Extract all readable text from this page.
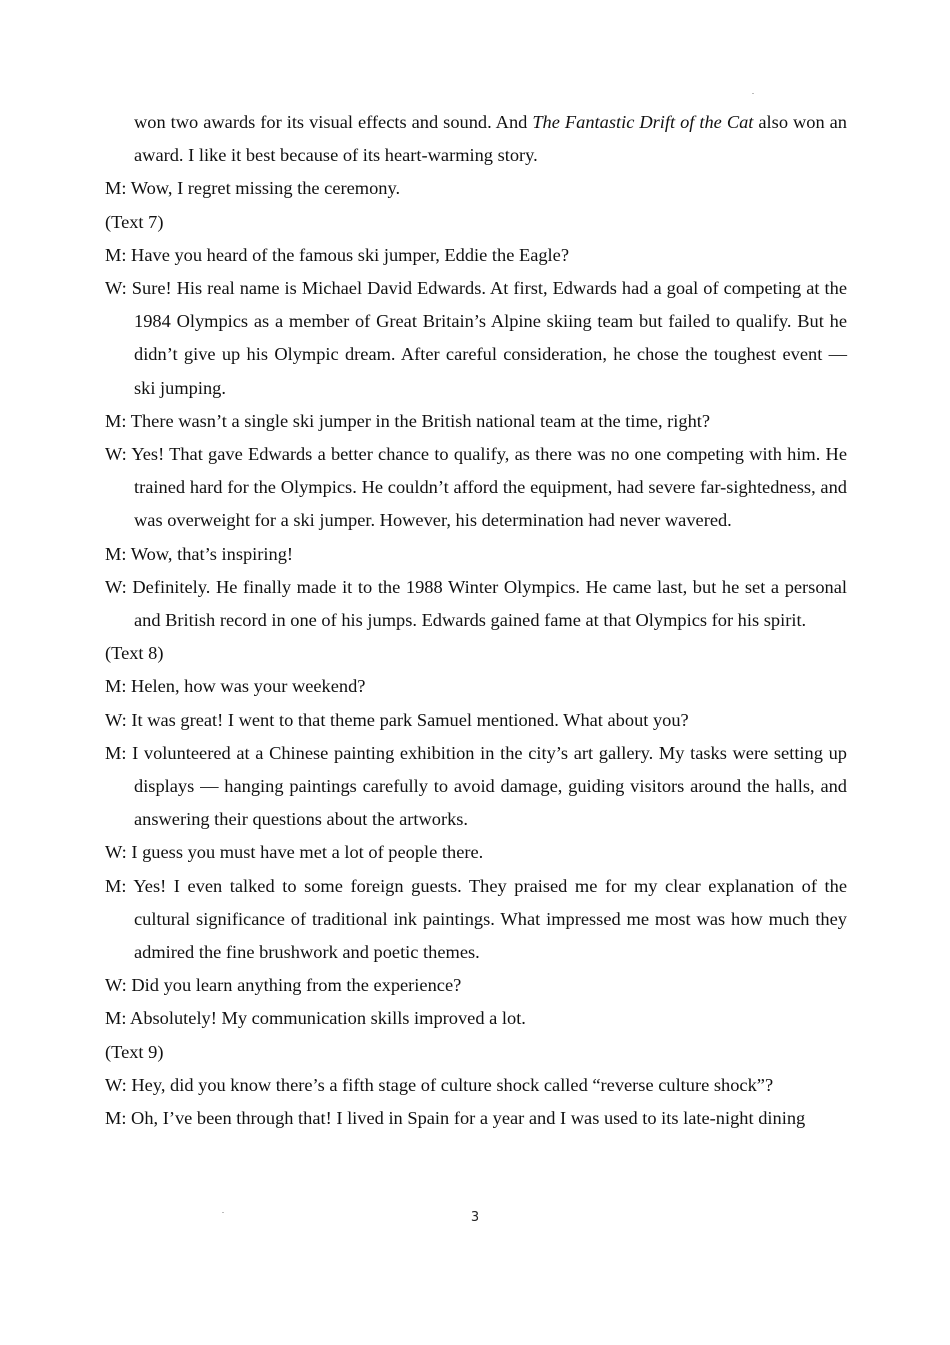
won two awards for its visual effects and sound. And The Fantastic Drift of the Cat also won an award. I like it best because of its heart-warming story.

M: Wow, I regret missing the ceremony.

(Text 7)

M: Have you heard of the famous ski jumper, Eddie the Eagle?

W: Sure! His real name is Michael David Edwards. At first, Edwards had a goal of competing at the 1984 Olympics as a member of Great Britain’s Alpine skiing team but failed to qualify. But he didn’t give up his Olympic dream. After careful consideration, he chose the toughest event — ski jumping.

M: There wasn’t a single ski jumper in the British national team at the time, right?

W: Yes! That gave Edwards a better chance to qualify, as there was no one competing with him. He trained hard for the Olympics. He couldn’t afford the equipment, had severe far-sightedness, and was overweight for a ski jumper. However, his determination had never wavered.

M: Wow, that’s inspiring!

W: Definitely. He finally made it to the 1988 Winter Olympics. He came last, but he set a personal and British record in one of his jumps. Edwards gained fame at that Olympics for his spirit.

(Text 8)

M: Helen, how was your weekend?

W: It was great! I went to that theme park Samuel mentioned. What about you?

M: I volunteered at a Chinese painting exhibition in the city’s art gallery. My tasks were setting up displays — hanging paintings carefully to avoid damage, guiding visitors around the halls, and answering their questions about the artworks.

W: I guess you must have met a lot of people there.

M: Yes! I even talked to some foreign guests. They praised me for my clear explanation of the cultural significance of traditional ink paintings. What impressed me most was how much they admired the fine brushwork and poetic themes.

W: Did you learn anything from the experience?

M: Absolutely! My communication skills improved a lot.

(Text 9)

W: Hey, did you know there’s a fifth stage of culture shock called “reverse culture shock”?

M: Oh, I’ve been through that! I lived in Spain for a year and I was used to its late-night dining

3
